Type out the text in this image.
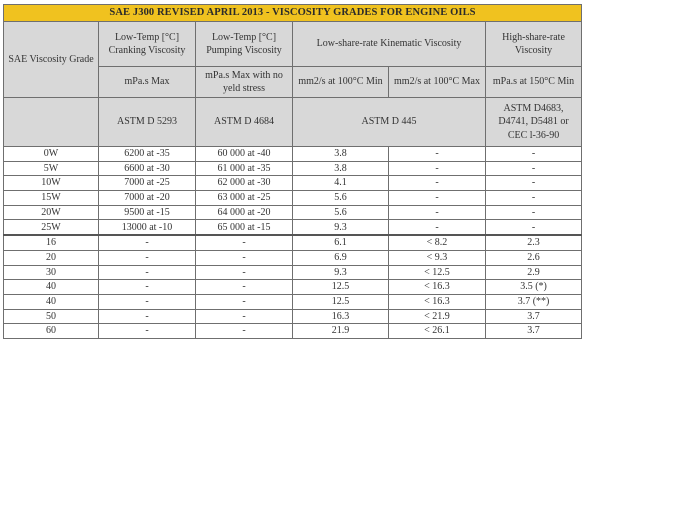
SAE J300 REVISED APRIL 2013 - VISCOSITY GRADES FOR ENGINE OILS					
SAE Viscosity Grade	Low-Temp [°C] Cranking Viscosity	Low-Temp [°C] Pumping Viscosity	Low-share-rate Kinematic Viscosity		High-share-rate Viscosity
	mPa.s Max	mPa.s Max with no yeld stress	mm2/s at 100°C Min	mm2/s at 100°C Max	mPa.s at 150°C Min
	ASTM D 5293	ASTM D 4684	ASTM D 445		ASTM D4683, D4741, D5481 or CEC l-36-90
0W	6200 at -35	60 000 at -40	3.8	-	-
5W	6600 at -30	61 000 at -35	3.8	-	-
10W	7000 at -25	62 000 at -30	4.1	-	-
15W	7000 at -20	63 000 at -25	5.6	-	-
20W	9500 at -15	64 000 at -20	5.6	-	-
25W	13000 at -10	65 000 at -15	9.3	-	-
16	-	-	6.1	< 8.2	2.3
20	-	-	6.9	< 9.3	2.6
30	-	-	9.3	< 12.5	2.9
40	-	-	12.5	< 16.3	3.5 (*)
40	-	-	12.5	< 16.3	3.7 (**)
50	-	-	16.3	< 21.9	3.7
60	-	-	21.9	< 26.1	3.7
